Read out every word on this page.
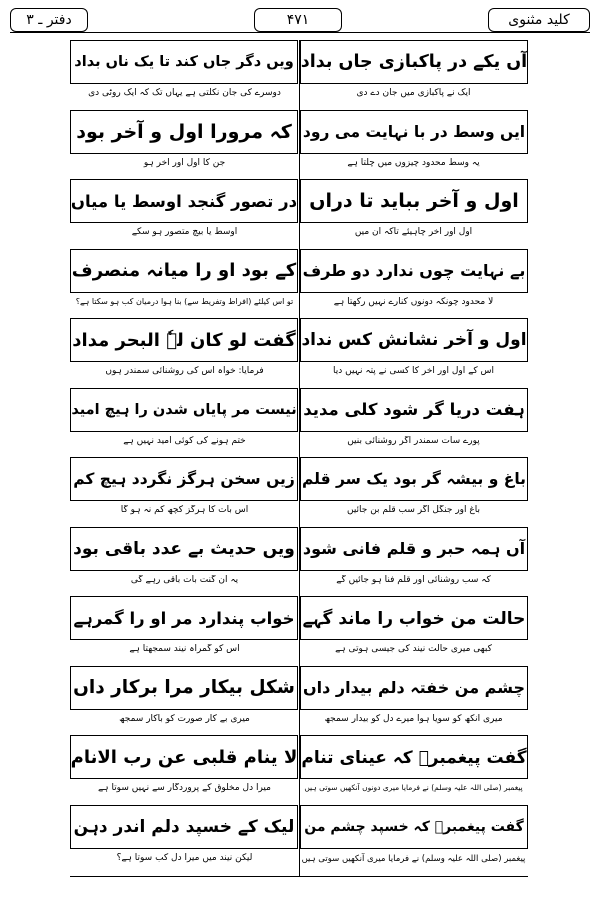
دفتر ـ ۳	۴۷۱	کلید مثنوی
آں یکے در پاکبازی جاں بداد
ویں دگر جاں کند تا یک ناں بداد
ایک نے پاکبازی میں جان دے دی
دوسرے کی جان نکلتی ہے یہاں تک کہ ایک روٹی دی
ایں وسط در با نہایت می رود
کہ مرورا اول و آخر بود
یہ وسط محدود چیزوں میں چلتا ہے
جن کا اول اور آخر ہو
اول و آخر بباید تا دراں
در تصور گنجد اوسط یا میاں
اول اور آخر چاہیئے تاکہ ان میں
اوسط یا بیچ متصور ہو سکے
بے نہایت چوں ندارد دو طرف
کے بود او را میانہ منصرف
لا محدود چونکہ دونوں کنارے نہیں رکھتا ہے
تو اس کیلئے (افراط وتفریط سے) بنا ہوا درمیان کب ہو سکتا ہے؟
اول و آخر نشانش کس نداد
گفت لو کان لہٗ البحر مداد
اس کے اول اور آخر کا کسی نے پتہ نہیں دیا
فرمایا: خواہ اس کی روشنائی سمندر ہوں
ہفت دریا گر شود کلی مدید
نیست مر پایاں شدن را ہیچ امید
پورے سات سمندر اگر روشنائی بنیں
ختم ہونے کی کوئی امید نہیں ہے
باغ و بیشہ گر بود یک سر قلم
زیں سخن ہرگز نگردد ہیچ کم
باغ اور جنگل اگر سب قلم بن جائیں
اس بات کا ہرگز کچھ کم نہ ہو گا
آں ہمہ حبر و قلم فانی شود
ویں حدیث بے عدد باقی بود
کہ سب روشنائی اور قلم فنا ہو جائیں گے
یہ ان گنت بات باقی رہے گی
حالت من خواب را ماند گہے
خواب پندارد مر او را گمرہے
کبھی میری حالت نیند کی جیسی ہوتی ہے
اس کو گمراہ نیند سمجھتا ہے
چشم من خفتہ دلم بیدار داں
شکل بیکار مرا برکار داں
میری آنکھ کو سویا ہوا میرے دل کو بیدار سمجھ
میری بے کار صورت کو باکار سمجھ
گفت پیغمبرؐ کہ عینای تنام
لا ینام قلبی عن رب الانام
پیغمبر (صلی اللہ علیہ وسلم) نے فرمایا میری دونوں آنکھیں سوتی ہیں
میرا دل مخلوق کے پروردگار سے نہیں سوتا ہے
گفت پیغمبرؐ کہ خسپد چشم من
لیک کے خسپد دلم اندر دہن
پیغمبر (صلی اللہ علیہ وسلم) نے فرمایا میری آنکھیں سوتی ہیں
لیکن نیند میں میرا دل کب سوتا ہے؟
